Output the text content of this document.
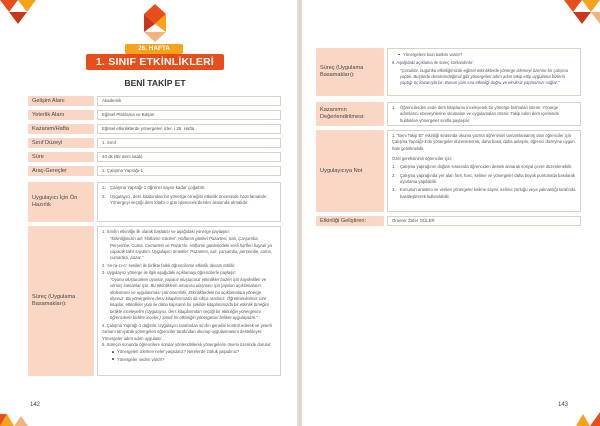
26. HAFTA
1. SINIF ETKİNLİKLERİ
BENİ TAKİP ET
Gelişim Alanı	Akademik
Yeterlik Alanı	Eğitsel Planlama ve Başarı
Kazanım/Hafta	Eğitsel etkinliklerde yönergeleri izler. / 26. Hafta
Sınıf Düzeyi	1. Sınıf
Süre	40 dk (Bir ders saati)
Araç-Gereçler	1. Çalışma Yaprağı-1
Uygulayıcı İçin Ön Hazırlık
1. Çalışma Yaprağı-1 öğrenci sayısı kadar çoğaltılır.
2. Uygulayıcı, ders kitabından bir yönerge örneğini etkinlik öncesinde hazırlamalıdır. Yönergeyi seçtiği ders kitabı o gün işlenecek dersler arasında olmalıdır.
Süreç (Uygulama Basamakları):
1. Sınıfın etkinliğe ilk olarak başlatılır ve aşağıdaki yönerge paylaşılır:
"Etkinliğimizin adı 'Haftanın Günleri'. Haftanın günleri Pazartesi, Salı, Çarşamba, Perşembe, Cuma, Cumartesi ve Pazar'dır. Haftanın günlerindeki sesli harfleri bayrak ya yaparak takır sayalım. Uygulayıcı örnekler: Pazartesi, salı, çarşamba, perşembe, cuma, cumartesi, pazar."
2. 'en-ra-zı-cı' sesileri ile birlikte farklı öğrencilerse etkinlik devam ettirilir.
3. Uygulayıcı yönerge ile ilgili aşağıdaki açıklamayı öğrencilerle paylaşır:
"Oyunu oluştururken oyunlar, yaparız oluştururuz etkinlikler bazen için kaydedilen ve vermiş zamanlar için. Bu etkinliklerin amacına ulaşması için yapılan açıklamaların dinlenmesi ve uygulanması çok önemlidir. Etkinliklerdeki bu açıklamalara yönerge diyoruz. Bu yönergelere dersi kitaplarımızda da sıkça rastlarız. Öğretmenlerimiz size kitaplar, etkinlikler yolu ile daha kapsamlı bir şekilde kitaplarımızda bir etkinlik örneğini birlikte inceleyelim (Uygulayıcı, ders kitaplarından seçtiği bir etkinliğin yönergesini öğrencilerle birlikte inceler.) Şimdi bir etkinliğin yönergesini birlikte uygulayalım."
4. Çalışma Yaprağı-1 dağıtılır. Uygulayıcı tarafından sınıfın genelini kontrol ederek ve yeterli zamanı tanıyarak yönergeleri öğrenciler tarafından okunup uygulanmasını destekleyer. Yönergeler adım adım uygulanır.
5. Süreçin sonunda öğrencilere sorular yönlendirilerek yönergelerin önemi üzerinde durulur:
Yönergeleri izlerken neler yaşadınız? Nerelerde zorluk yaşadınız?
Yönergeler neden vardır?
142
Süreç (Uygulama Basamakları):
Yönergelere bazı katkısı vardır?
6. Aşağıdaki açıklama ile süreç sonlandırılır:
"Çocuklar, bugünkü etkinliğimizde eğitsel etkinliklerde yönerge izlemeyi üzerine bir çalışma yaptık. Buşünde derslerindeğimiz gibi yönergeleri adım adım takip edip uygulama bizlerin yaptığı üç kazanıyla bir. Bunun yanı sıra etkinliği doğru ve eksiksiz yapmamızı sağlar."
Kazanımın Değerlendirilmesi:
1.	Öğrencilerden evde ders kitaplarını inceleyerek bir yönerge bulmaları istenir. Yönerge adımlarını ebeveynlerine okumaları ve uygulamaları istenir. Takip eden ders içerisinde buldukları yönergeler sınıfla paylaşılır.
Uygulayıcıya Not
1. "Beni Takip Et" etkinliği sırasında okuma yazma öğrenimini tamamlamamış olan öğrenciler için Çalışma Yaprağı-1'de yönergeler düzenlenerek, daha basit, daha anlaşılır, öğrenci düzeyine uygun hale getirilmelidir.
Özel gereksinimli öğrenciler için;
1.	Çalışma yaprağının doğları sırasında öğrenciden destek alınarak sosyal çevre düzenlenebilir.
2.	Çalışma yaprağında yer alan font, harc, kelime ve yönergeler daha büyük puntolarda basılarak uyarlama yapılabilir.
3.	Konunun anlatımı ve verilen yönergeler kelime sayısı, kelime zorluğu veya yalınanlığı tarafında basitleştirerek kullanılabilir.
Etkinliği Geliştiren:	Ömerer Zafer GÜLER
143
